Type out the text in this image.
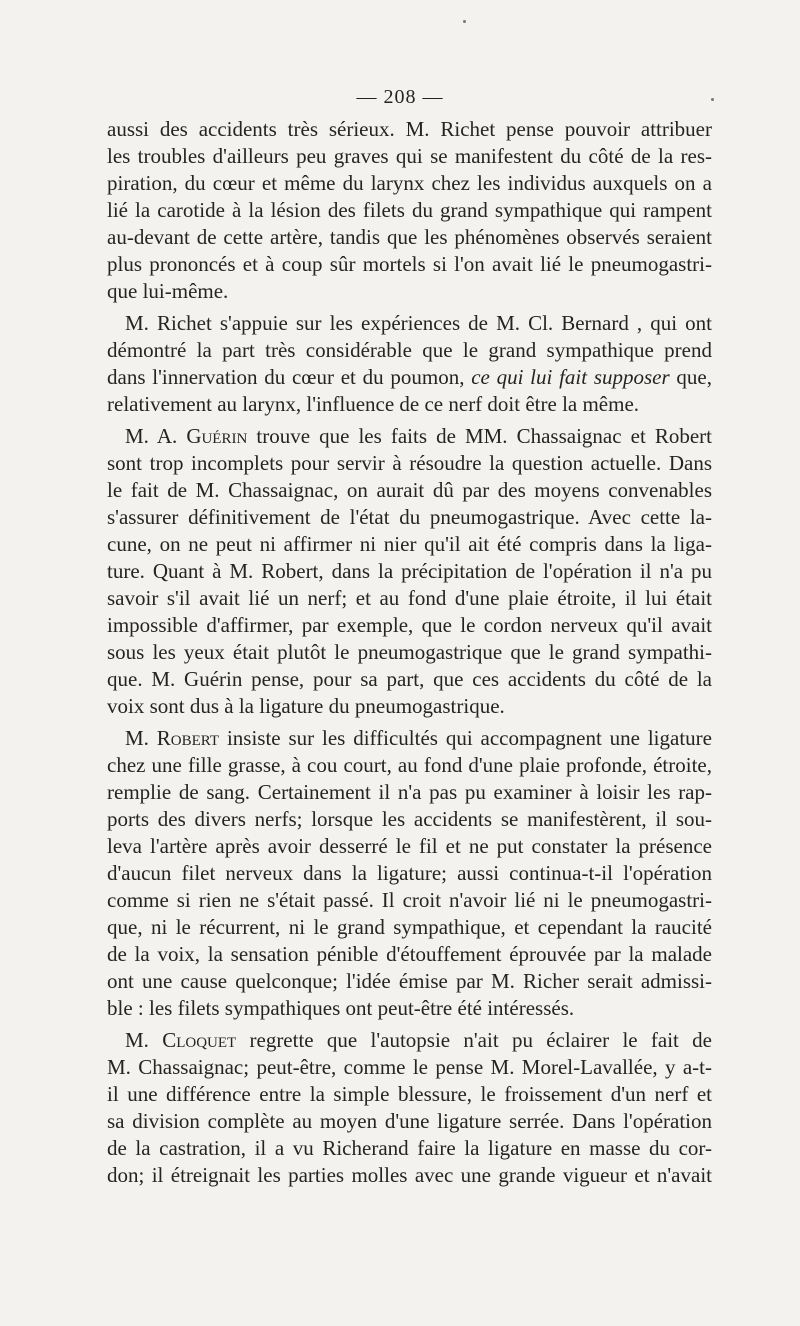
— 208 —
aussi des accidents très sérieux. M. Richet pense pouvoir attribuer
les troubles d'ailleurs peu graves qui se manifestent du côté de la res-
piration, du cœur et même du larynx chez les individus auxquels on a
lié la carotide à la lésion des filets du grand sympathique qui rampent
au-devant de cette artère, tandis que les phénomènes observés seraient
plus prononcés et à coup sûr mortels si l'on avait lié le pneumogastri-
que lui-même.
M. Richet s'appuie sur les expériences de M. Cl. Bernard , qui ont
démontré la part très considérable que le grand sympathique prend
dans l'innervation du cœur et du poumon, ce qui lui fait supposer que,
relativement au larynx, l'influence de ce nerf doit être la même.
M. A. Guérin trouve que les faits de MM. Chassaignac et Robert
sont trop incomplets pour servir à résoudre la question actuelle. Dans
le fait de M. Chassaignac, on aurait dû par des moyens convenables
s'assurer définitivement de l'état du pneumogastrique. Avec cette la-
cune, on ne peut ni affirmer ni nier qu'il ait été compris dans la liga-
ture. Quant à M. Robert, dans la précipitation de l'opération il n'a pu
savoir s'il avait lié un nerf; et au fond d'une plaie étroite, il lui était
impossible d'affirmer, par exemple, que le cordon nerveux qu'il avait
sous les yeux était plutôt le pneumogastrique que le grand sympathi-
que. M. Guérin pense, pour sa part, que ces accidents du côté de la
voix sont dus à la ligature du pneumogastrique.
M. Robert insiste sur les difficultés qui accompagnent une ligature
chez une fille grasse, à cou court, au fond d'une plaie profonde, étroite,
remplie de sang. Certainement il n'a pas pu examiner à loisir les rap-
ports des divers nerfs; lorsque les accidents se manifestèrent, il sou-
leva l'artère après avoir desserré le fil et ne put constater la présence
d'aucun filet nerveux dans la ligature; aussi continua-t-il l'opération
comme si rien ne s'était passé. Il croit n'avoir lié ni le pneumogastri-
que, ni le récurrent, ni le grand sympathique, et cependant la raucité
de la voix, la sensation pénible d'étouffement éprouvée par la malade
ont une cause quelconque; l'idée émise par M. Richer serait admissi-
ble : les filets sympathiques ont peut-être été intéressés.
M. Cloquet regrette que l'autopsie n'ait pu éclairer le fait de
M. Chassaignac; peut-être, comme le pense M. Morel-Lavallée, y a-t-
il une différence entre la simple blessure, le froissement d'un nerf et
sa division complète au moyen d'une ligature serrée. Dans l'opération
de la castration, il a vu Richerand faire la ligature en masse du cor-
don; il étreignait les parties molles avec une grande vigueur et n'avait
